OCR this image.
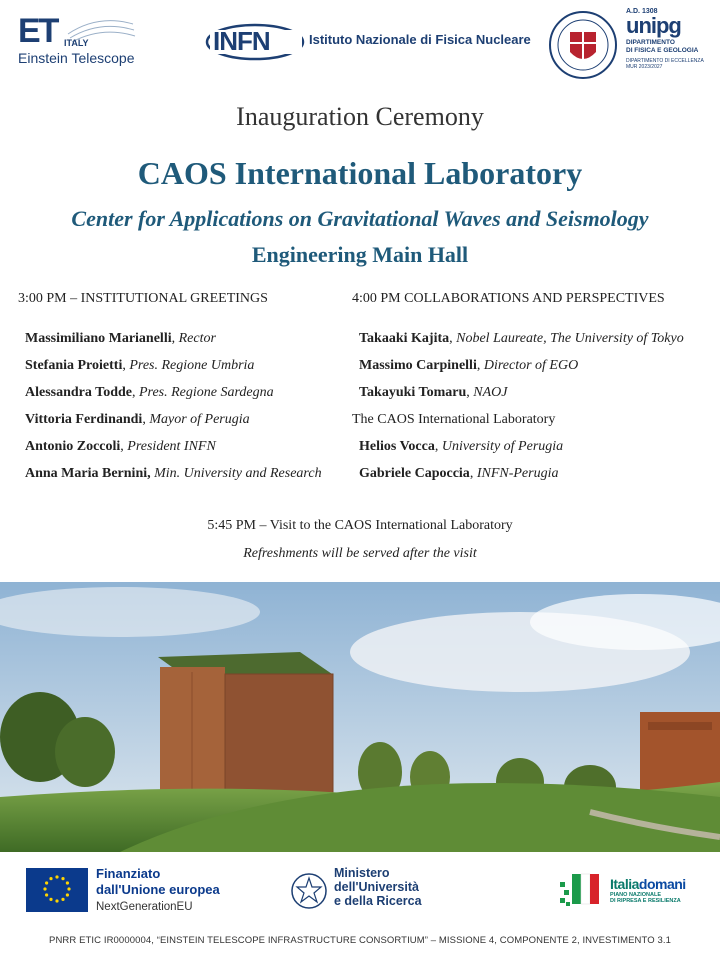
ET ITALY
Einstein Telescope
INFN	Istituto Nazionale di Fisica Nucleare
A.D. 1308
unipg
DIPARTIMENTO
DI FISICA E GEOLOGIA
DIPARTIMENTO DI ECCELLENZA
MUR 2023/2027
Inauguration Ceremony
CAOS International Laboratory
Center for Applications on Gravitational Waves and Seismology
Engineering Main Hall
3:00 PM – INSTITUTIONAL GREETINGS	4:00 PM COLLABORATIONS AND PERSPECTIVES
Massimiliano Marianelli, Rector
Stefania Proietti, Pres. Regione Umbria
Alessandra Todde, Pres. Regione Sardegna
Vittoria Ferdinandi, Mayor of Perugia
Antonio Zoccoli, President INFN
Anna Maria Bernini, Min. University and Research
Takaaki Kajita, Nobel Laureate, The University of Tokyo
Massimo Carpinelli, Director of EGO
Takayuki Tomaru, NAOJ
The CAOS International Laboratory
Helios Vocca, University of Perugia
Gabriele Capoccia, INFN-Perugia
5:45 PM – Visit to the CAOS International Laboratory
Refreshments will be served after the visit
Finanziato
dall'Unione europea
NextGenerationEU
Ministero
dell'Università
e della Ricerca
Italiadomani
PIANO NAZIONALE
DI RIPRESA E RESILIENZA
PNRR ETIC IR0000004, “EINSTEIN TELESCOPE INFRASTRUCTURE CONSORTIUM” – MISSIONE 4, COMPONENTE 2, INVESTIMENTO 3.1
